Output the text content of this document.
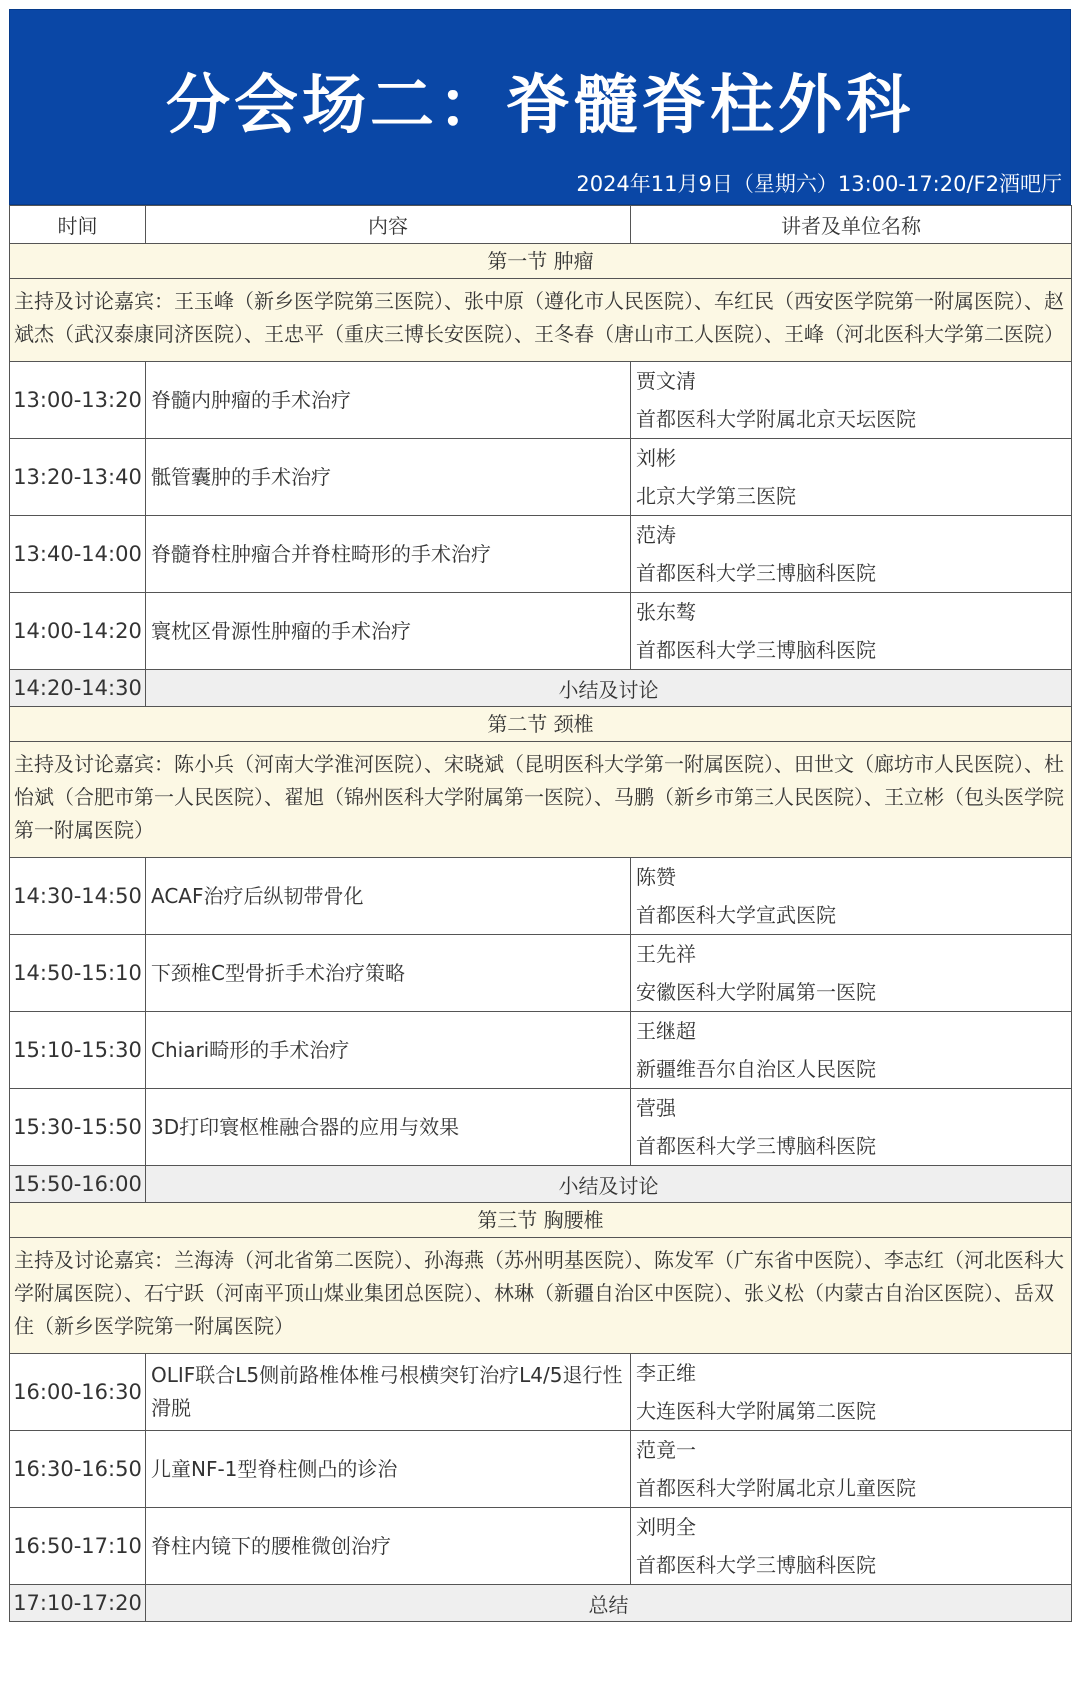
分会场二：脊髓脊柱外科
2024年11月9日（星期六）13:00-17:20/F2酒吧厅
时间	内容	讲者及单位名称
第一节 肿瘤		
主持及讨论嘉宾：王玉峰（新乡医学院第三医院）、张中原（遵化市人民医院）、车红民（西安医学院第一附属医院）、赵斌杰（武汉泰康同济医院）、王忠平（重庆三博长安医院）、王冬春（唐山市工人医院）、王峰（河北医科大学第二医院）		
13:00-13:20	脊髓内肿瘤的手术治疗	贾文清
首都医科大学附属北京天坛医院

13:20-13:40	骶管囊肿的手术治疗	刘彬
北京大学第三医院

13:40-14:00	脊髓脊柱肿瘤合并脊柱畸形的手术治疗	范涛
首都医科大学三博脑科医院

14:00-14:20	寰枕区骨源性肿瘤的手术治疗	张东骜
首都医科大学三博脑科医院

14:20-14:30	小结及讨论	
第二节 颈椎		
主持及讨论嘉宾：陈小兵（河南大学淮河医院）、宋晓斌（昆明医科大学第一附属医院）、田世文（廊坊市人民医院）、杜怡斌（合肥市第一人民医院）、翟旭（锦州医科大学附属第一医院）、马鹏（新乡市第三人民医院）、王立彬（包头医学院第一附属医院）		
14:30-14:50	ACAF治疗后纵韧带骨化	陈赞
首都医科大学宣武医院

14:50-15:10	下颈椎C型骨折手术治疗策略	王先祥
安徽医科大学附属第一医院

15:10-15:30	Chiari畸形的手术治疗	王继超
新疆维吾尔自治区人民医院

15:30-15:50	3D打印寰枢椎融合器的应用与效果	菅强
首都医科大学三博脑科医院

15:50-16:00	小结及讨论	
第三节 胸腰椎		
主持及讨论嘉宾：兰海涛（河北省第二医院）、孙海燕（苏州明基医院）、陈发军（广东省中医院）、李志红（河北医科大学附属医院）、石宁跃（河南平顶山煤业集团总医院）、林琳（新疆自治区中医院）、张义松（内蒙古自治区医院）、岳双住（新乡医学院第一附属医院）		
16:00-16:30	OLIF联合L5侧前路椎体椎弓根横突钉治疗L4/5退行性滑脱	李正维
大连医科大学附属第二医院

16:30-16:50	儿童NF-1型脊柱侧凸的诊治	范竟一
首都医科大学附属北京儿童医院

16:50-17:10	脊柱内镜下的腰椎微创治疗	刘明全
首都医科大学三博脑科医院

17:10-17:20	总结	
